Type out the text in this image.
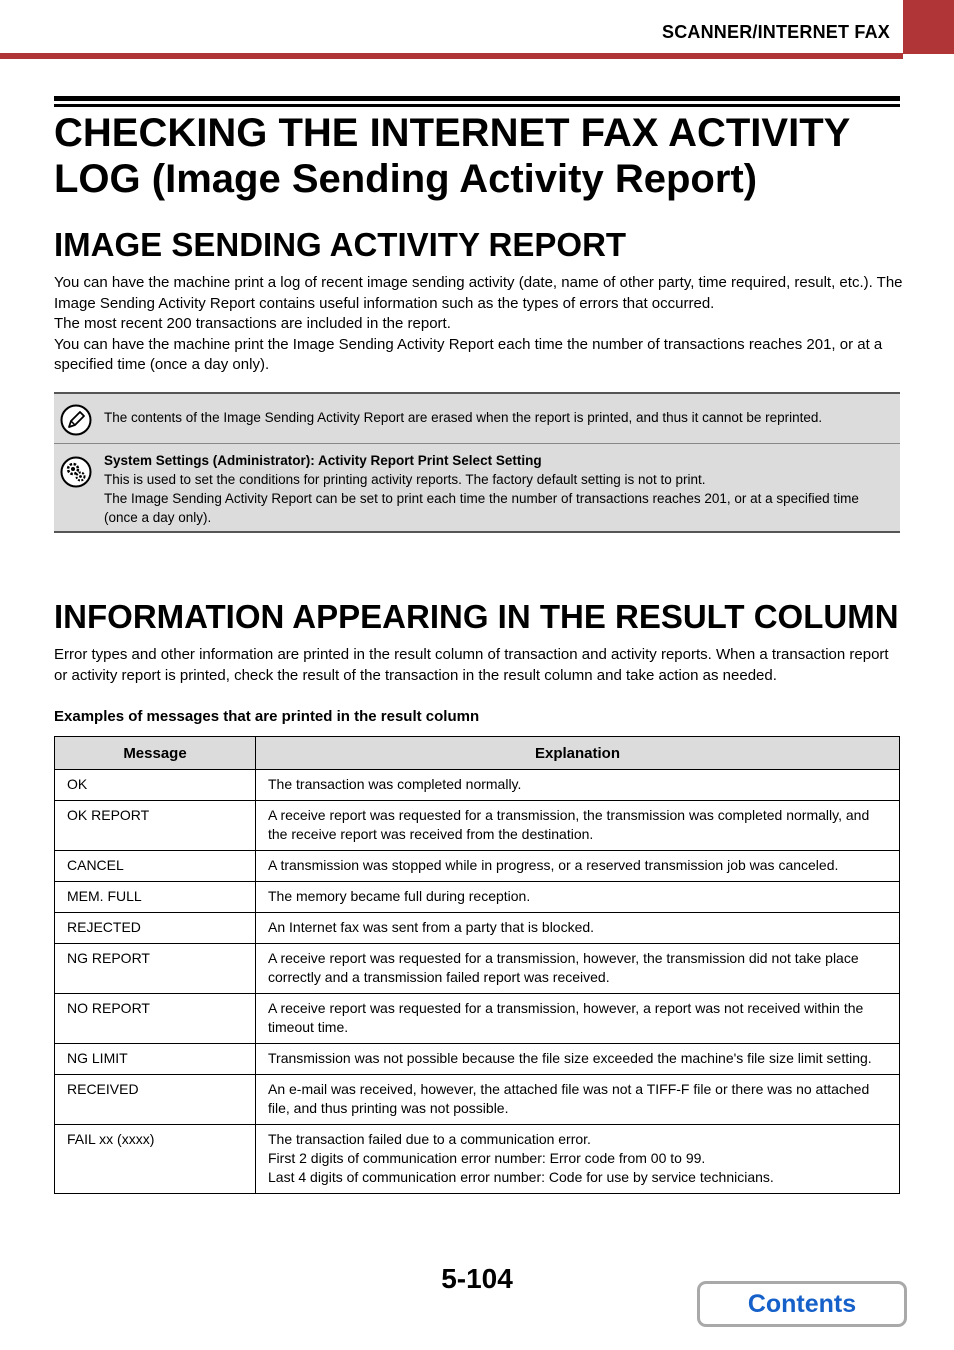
SCANNER/INTERNET FAX
CHECKING THE INTERNET FAX ACTIVITY LOG (Image Sending Activity Report)
IMAGE SENDING ACTIVITY REPORT
You can have the machine print a log of recent image sending activity (date, name of other party, time required, result, etc.). The Image Sending Activity Report contains useful information such as the types of errors that occurred.
The most recent 200 transactions are included in the report.
You can have the machine print the Image Sending Activity Report each time the number of transactions reaches 201, or at a specified time (once a day only).

The contents of the Image Sending Activity Report are erased when the report is printed, and thus it cannot be reprinted.

System Settings (Administrator): Activity Report Print Select Setting
This is used to set the conditions for printing activity reports. The factory default setting is not to print.
The Image Sending Activity Report can be set to print each time the number of transactions reaches 201, or at a specified time (once a day only).
INFORMATION APPEARING IN THE RESULT COLUMN
Error types and other information are printed in the result column of transaction and activity reports. When a transaction report or activity report is printed, check the result of the transaction in the result column and take action as needed.

Examples of messages that are printed in the result column

Message	Explanation
OK	The transaction was completed normally.

OK REPORT	A receive report was requested for a transmission, the transmission was completed normally, and the receive report was received from the destination.

CANCEL	A transmission was stopped while in progress, or a reserved transmission job was canceled.

MEM. FULL	The memory became full during reception.

REJECTED	An Internet fax was sent from a party that is blocked.

NG REPORT	A receive report was requested for a transmission, however, the transmission did not take place correctly and a transmission failed report was received.

NO REPORT	A receive report was requested for a transmission, however, a report was not received within the timeout time.

NG LIMIT	Transmission was not possible because the file size exceeded the machine's file size limit setting.

RECEIVED	An e-mail was received, however, the attached file was not a TIFF-F file or there was no attached file, and thus printing was not possible.

FAIL xx (xxxx)	The transaction failed due to a communication error.
First 2 digits of communication error number: Error code from 00 to 99.
Last 4 digits of communication error number: Code for use by service technicians.
5-104
Contents
